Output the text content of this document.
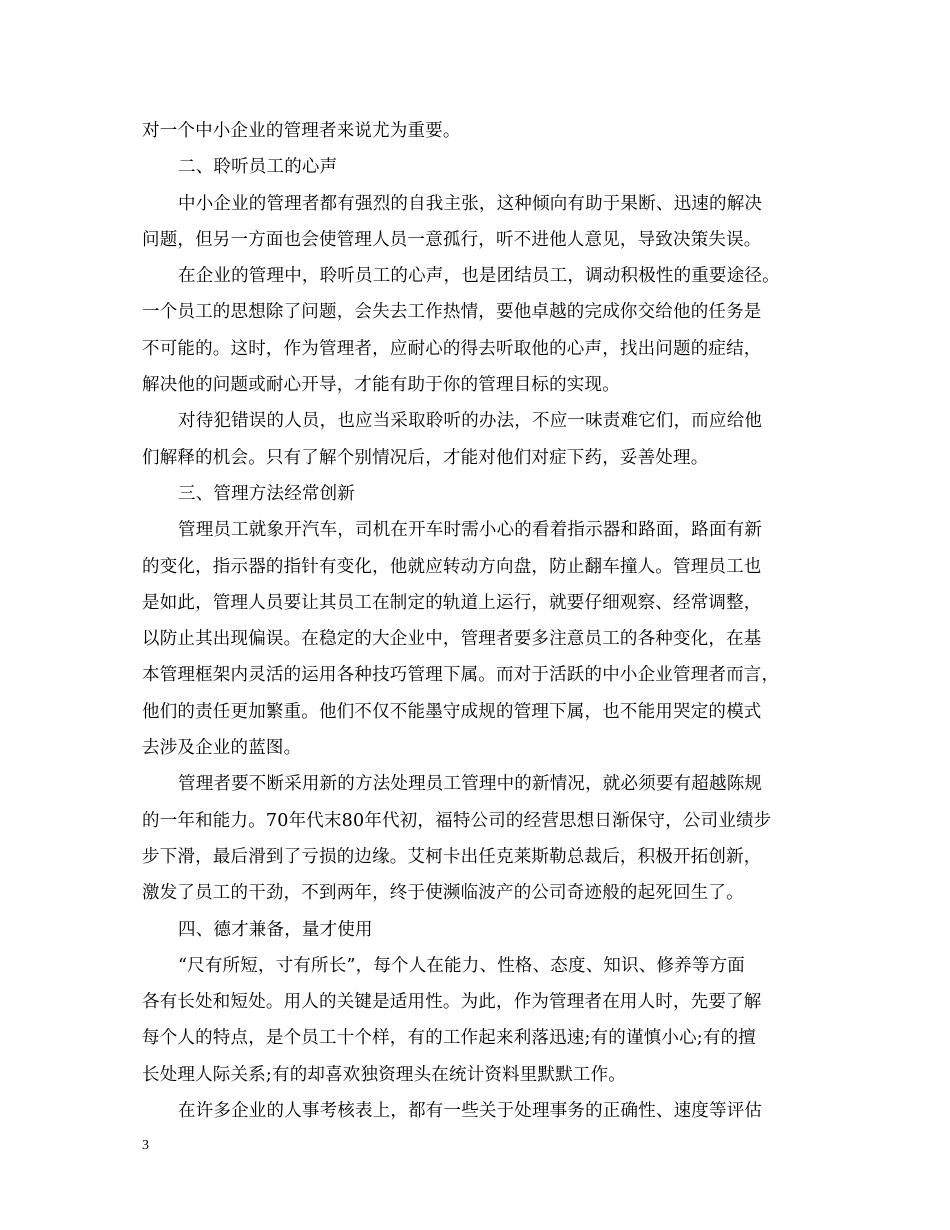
对一个中小企业的管理者来说尤为重要。
二、聆听员工的心声
中小企业的管理者都有强烈的自我主张，这种倾向有助于果断、迅速的解决
问题，但另一方面也会使管理人员一意孤行，听不进他人意见，导致决策失误。
在企业的管理中，聆听员工的心声，也是团结员工，调动积极性的重要途径。
一个员工的思想除了问题，会失去工作热情，要他卓越的完成你交给他的任务是
不可能的。这时，作为管理者，应耐心的得去听取他的心声，找出问题的症结，
解决他的问题或耐心开导，才能有助于你的管理目标的实现。
对待犯错误的人员，也应当采取聆听的办法，不应一味责难它们，而应给他
们解释的机会。只有了解个别情况后，才能对他们对症下药，妥善处理。
三、管理方法经常创新
管理员工就象开汽车，司机在开车时需小心的看着指示器和路面，路面有新
的变化，指示器的指针有变化，他就应转动方向盘，防止翻车撞人。管理员工也
是如此，管理人员要让其员工在制定的轨道上运行，就要仔细观察、经常调整，
以防止其出现偏误。在稳定的大企业中，管理者要多注意员工的各种变化，在基
本管理框架内灵活的运用各种技巧管理下属。而对于活跃的中小企业管理者而言，
他们的责任更加繁重。他们不仅不能墨守成规的管理下属，也不能用哭定的模式
去涉及企业的蓝图。
管理者要不断采用新的方法处理员工管理中的新情况，就必须要有超越陈规
的一年和能力。70年代末80年代初，福特公司的经营思想日渐保守，公司业绩步
步下滑，最后滑到了亏损的边缘。艾柯卡出任克莱斯勒总裁后，积极开拓创新，
激发了员工的干劲，不到两年，终于使濒临波产的公司奇迹般的起死回生了。
四、德才兼备，量才使用
“尺有所短，寸有所长”，每个人在能力、性格、态度、知识、修养等方面
各有长处和短处。用人的关键是适用性。为此，作为管理者在用人时，先要了解
每个人的特点，是个员工十个样，有的工作起来利落迅速;有的谨慎小心;有的擅
长处理人际关系;有的却喜欢独资理头在统计资料里默默工作。
在许多企业的人事考核表上，都有一些关于处理事务的正确性、速度等评估
3
